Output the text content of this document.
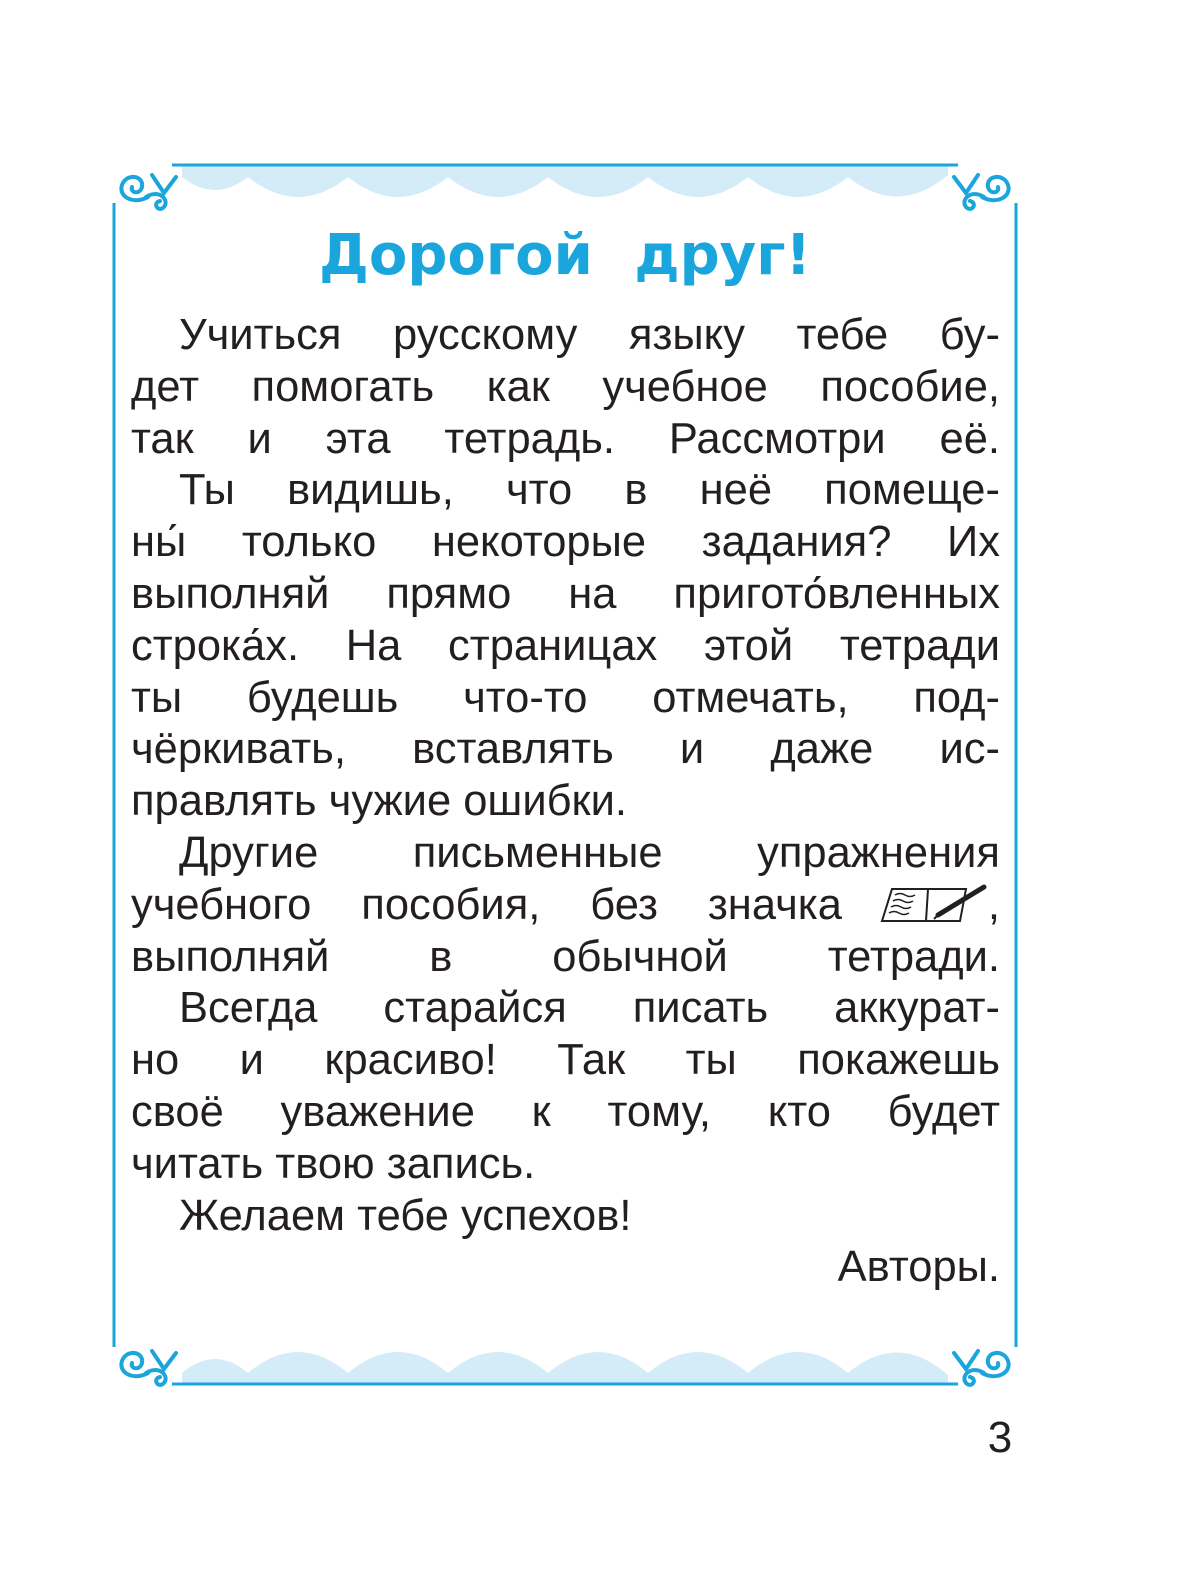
Дорогой друг!
Учиться русскому языку тебе бу-
дет помогать как учебное пособие,
так и эта тетрадь. Рассмотри её.
Ты видишь, что в неё помеще-
ны́ только некоторые задания? Их
выполняй прямо на пригото́вленных
строка́х. На страницах этой тетради
ты будешь что-то отмечать, под-
чёркивать, вставлять и даже ис-
правлять чужие ошибки.
Другие письменные упражнения
учебного пособия, без значка	,
выполняй в обычной тетради.
Всегда старайся писать аккурат-
но и красиво! Так ты покажешь
своё уважение к тому, кто будет
читать твою запись.
Желаем тебе успехов!
Авторы.
3
